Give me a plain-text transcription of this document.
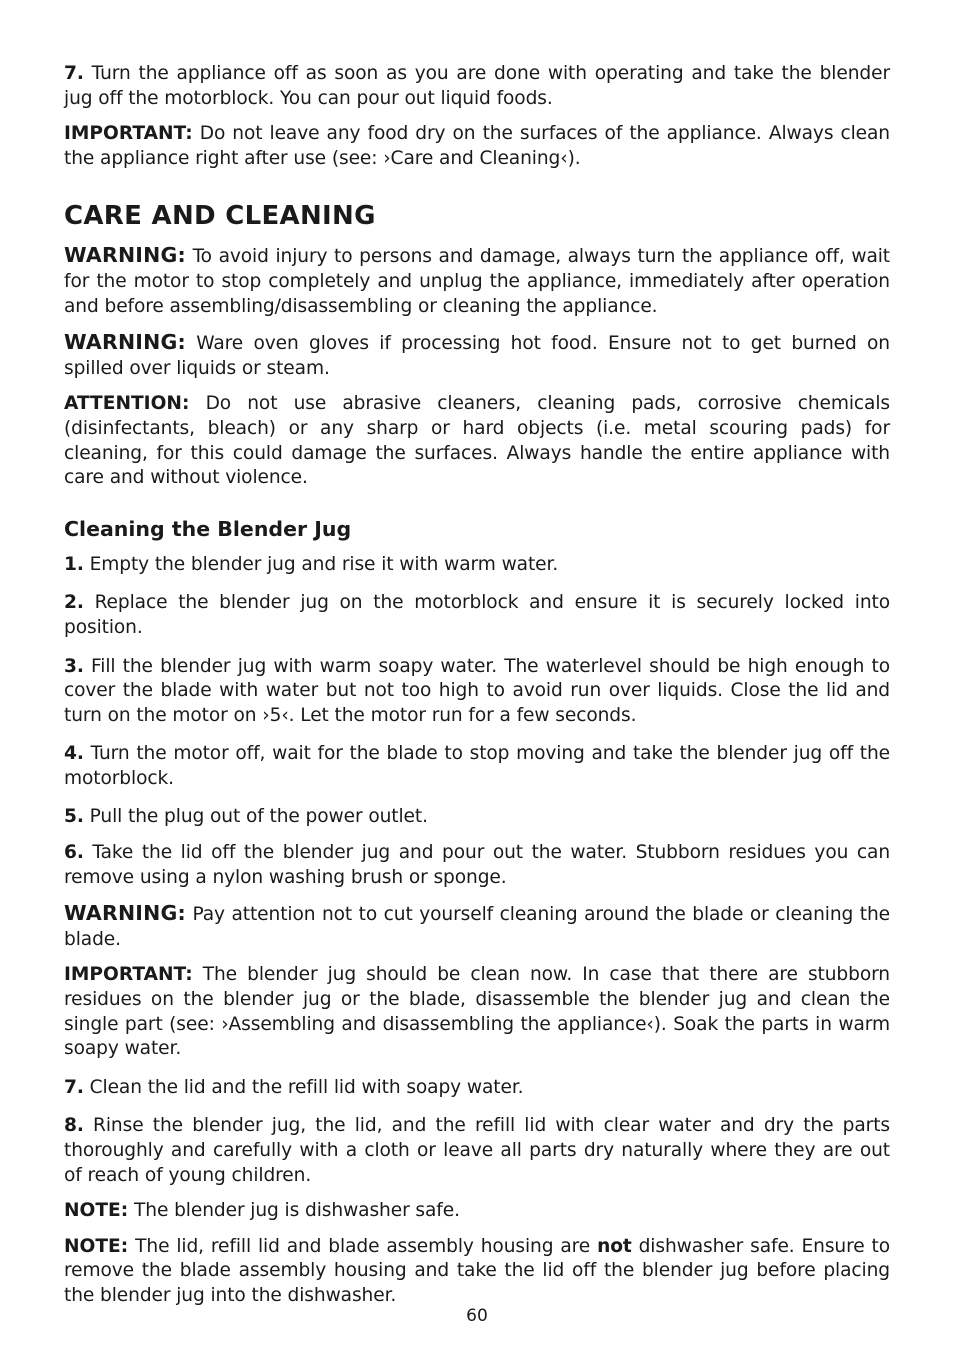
7. Turn the appliance off as soon as you are done with operating and take the blender jug off the motorblock. You can pour out liquid foods.

IMPORTANT: Do not leave any food dry on the surfaces of the appliance. Always clean the appliance right after use (see: ›Care and Cleaning‹).

CARE AND CLEANING

WARNING: To avoid injury to persons and damage, always turn the appliance off, wait for the motor to stop completely and unplug the appliance, immediately after operation and before assembling/disassembling or cleaning the appliance.

WARNING: Ware oven gloves if processing hot food. Ensure not to get burned on spilled over liquids or steam.

ATTENTION: Do not use abrasive cleaners, cleaning pads, corrosive chemicals (disinfectants, bleach) or any sharp or hard objects (i.e. metal scouring pads) for cleaning, for this could damage the surfaces. Always handle the entire appliance with care and without violence.

Cleaning the Blender Jug

1. Empty the blender jug and rise it with warm water.

2. Replace the blender jug on the motorblock and ensure it is securely locked into position.

3. Fill the blender jug with warm soapy water. The waterlevel should be high enough to cover the blade with water but not too high to avoid run over liquids. Close the lid and turn on the motor on ›5‹. Let the motor run for a few seconds.

4. Turn the motor off, wait for the blade to stop moving and take the blender jug off the motorblock.

5. Pull the plug out of the power outlet.

6. Take the lid off the blender jug and pour out the water. Stubborn residues you can remove using a nylon washing brush or sponge.

WARNING: Pay attention not to cut yourself cleaning around the blade or cleaning the blade.

IMPORTANT: The blender jug should be clean now. In case that there are stubborn residues on the blender jug or the blade, disassemble the blender jug and clean the single part (see: ›Assembling and disassembling the appliance‹). Soak the parts in warm soapy water.

7. Clean the lid and the refill lid with soapy water.

8. Rinse the blender jug, the lid, and the refill lid with clear water and dry the parts thoroughly and carefully with a cloth or leave all parts dry naturally where they are out of reach of young children.

NOTE: The blender jug is dishwasher safe.

NOTE: The lid, refill lid and blade assembly housing are not dishwasher safe. Ensure to remove the blade assembly housing and take the lid off the blender jug before placing the blender jug into the dishwasher.

60
